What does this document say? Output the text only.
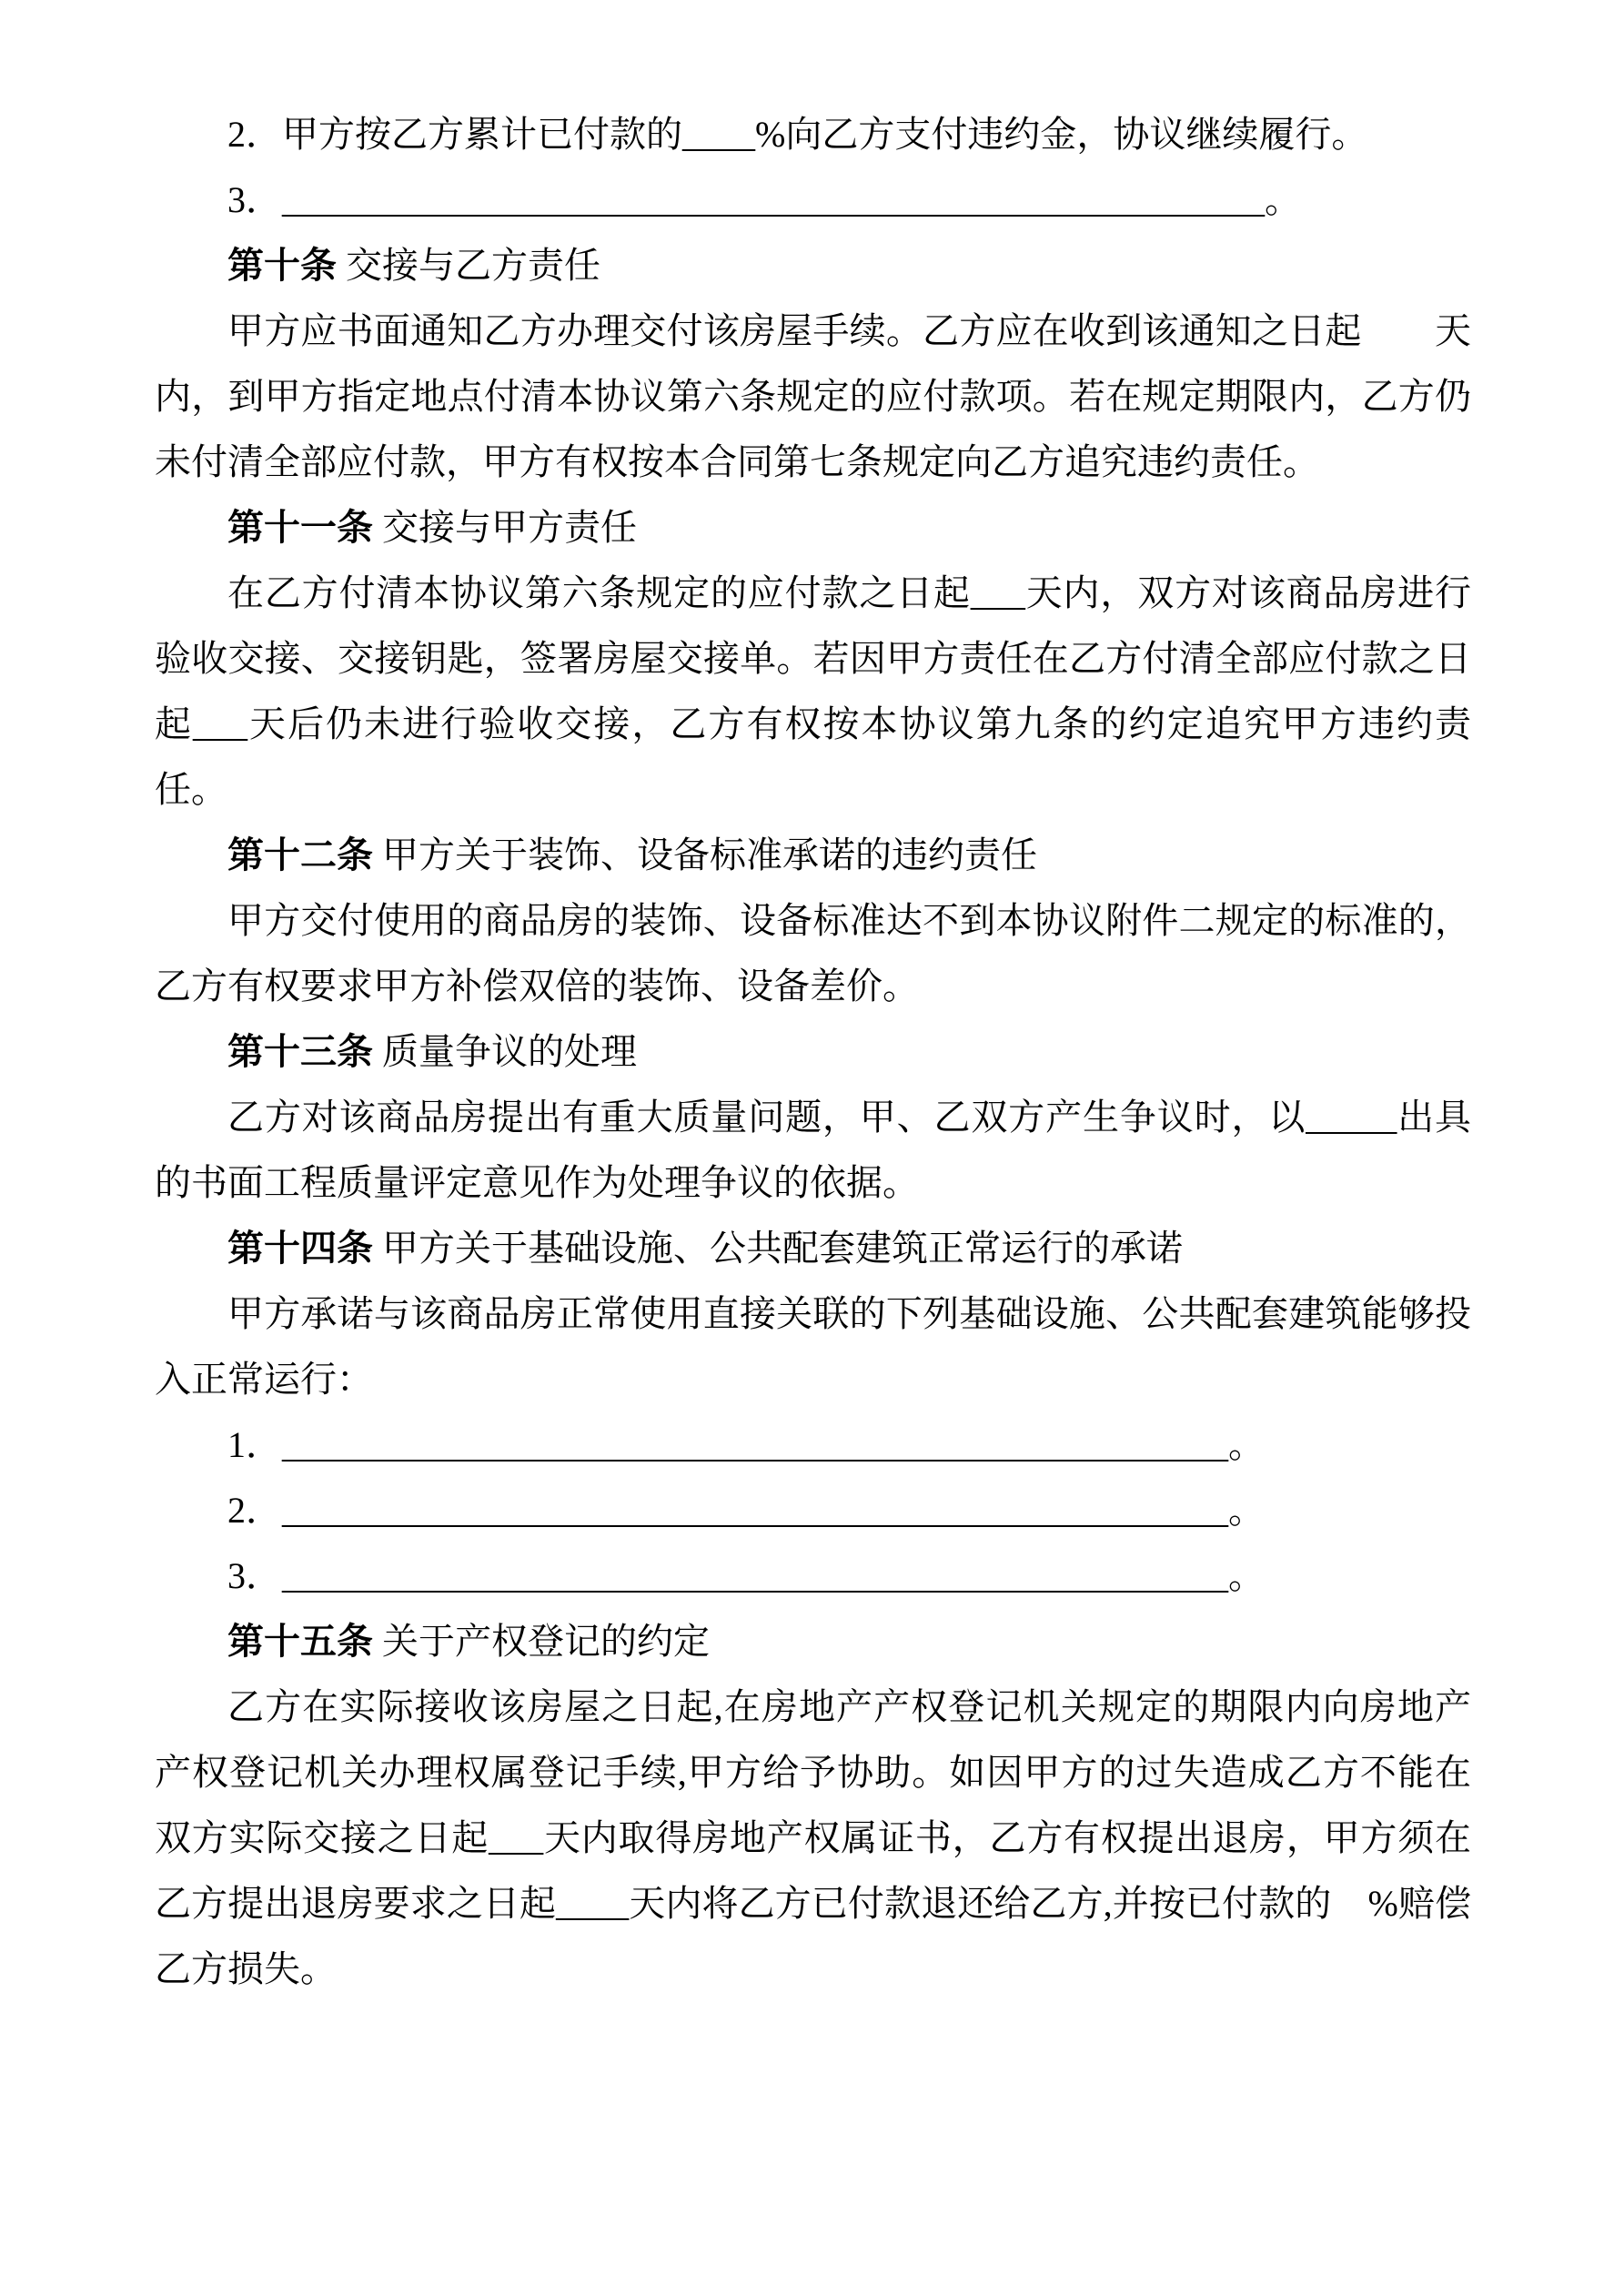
2．甲方按乙方累计已付款的____%向乙方支付违约金，协议继续履行。

3．______________________________________________________。

第十条 交接与乙方责任

甲方应书面通知乙方办理交付该房屋手续。乙方应在收到该通知之日起　　天内，到甲方指定地点付清本协议第六条规定的应付款项。若在规定期限内，乙方仍未付清全部应付款，甲方有权按本合同第七条规定向乙方追究违约责任。

第十一条 交接与甲方责任

在乙方付清本协议第六条规定的应付款之日起___天内，双方对该商品房进行验收交接、交接钥匙，签署房屋交接单。若因甲方责任在乙方付清全部应付款之日起___天后仍未进行验收交接，乙方有权按本协议第九条的约定追究甲方违约责任。

第十二条 甲方关于装饰、设备标准承诺的违约责任

甲方交付使用的商品房的装饰、设备标准达不到本协议附件二规定的标准的，乙方有权要求甲方补偿双倍的装饰、设备差价。

第十三条 质量争议的处理

乙方对该商品房提出有重大质量问题，甲、乙双方产生争议时，以_____出具的书面工程质量评定意见作为处理争议的依据。

第十四条 甲方关于基础设施、公共配套建筑正常运行的承诺

甲方承诺与该商品房正常使用直接关联的下列基础设施、公共配套建筑能够投入正常运行：

1．____________________________________________________。

2．____________________________________________________。

3．____________________________________________________。

第十五条 关于产权登记的约定

乙方在实际接收该房屋之日起,在房地产产权登记机关规定的期限内向房地产产权登记机关办理权属登记手续,甲方给予协助。如因甲方的过失造成乙方不能在双方实际交接之日起___天内取得房地产权属证书，乙方有权提出退房，甲方须在乙方提出退房要求之日起____天内将乙方已付款退还给乙方,并按已付款的　%赔偿乙方损失。
